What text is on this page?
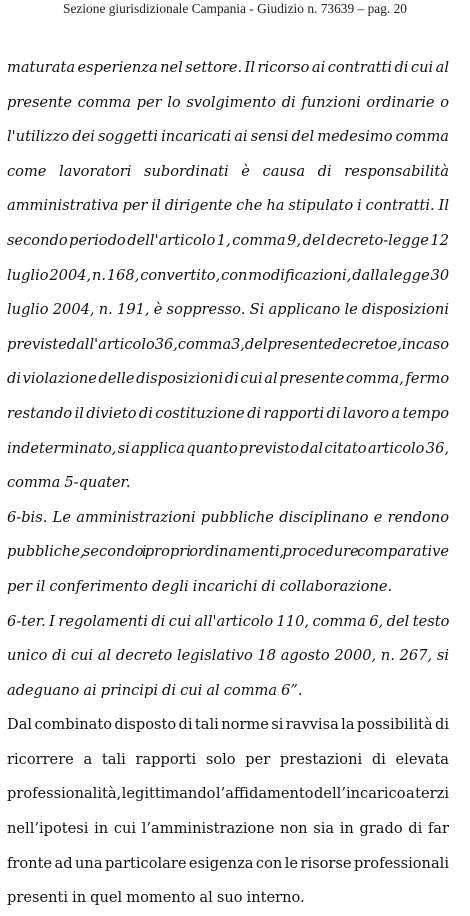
Sezione giurisdizionale Campania - Giudizio n. 73639 – pag. 20
maturata esperienza nel settore. Il ricorso ai contratti di cui al
presente comma per lo svolgimento di funzioni ordinarie o
l'utilizzo dei soggetti incaricati ai sensi del medesimo comma
come lavoratori subordinati è causa di responsabilità
amministrativa per il dirigente che ha stipulato i contratti. Il
secondo periodo dell'articolo 1, comma 9, del decreto-legge 12
luglio 2004, n. 168, convertito, con modificazioni, dalla legge 30
luglio 2004, n. 191, è soppresso. Si applicano le disposizioni
previste dall'articolo 36, comma 3, del presente decreto e, in caso
di violazione delle disposizioni di cui al presente comma, fermo
restando il divieto di costituzione di rapporti di lavoro a tempo
indeterminato, si applica quanto previsto dal citato articolo 36,
comma 5-quater.
6-bis. Le amministrazioni pubbliche disciplinano e rendono
pubbliche, secondo i propri ordinamenti, procedure comparative
per il conferimento degli incarichi di collaborazione.
6-ter. I regolamenti di cui all'articolo 110, comma 6, del testo
unico di cui al decreto legislativo 18 agosto 2000, n. 267, si
adeguano ai principi di cui al comma 6”.
Dal combinato disposto di tali norme si ravvisa la possibilità di
ricorrere a tali rapporti solo per prestazioni di elevata
professionalità, legittimando l’affidamento dell’incarico a terzi
nell’ipotesi in cui l’amministrazione non sia in grado di far
fronte ad una particolare esigenza con le risorse professionali
presenti in quel momento al suo interno.
